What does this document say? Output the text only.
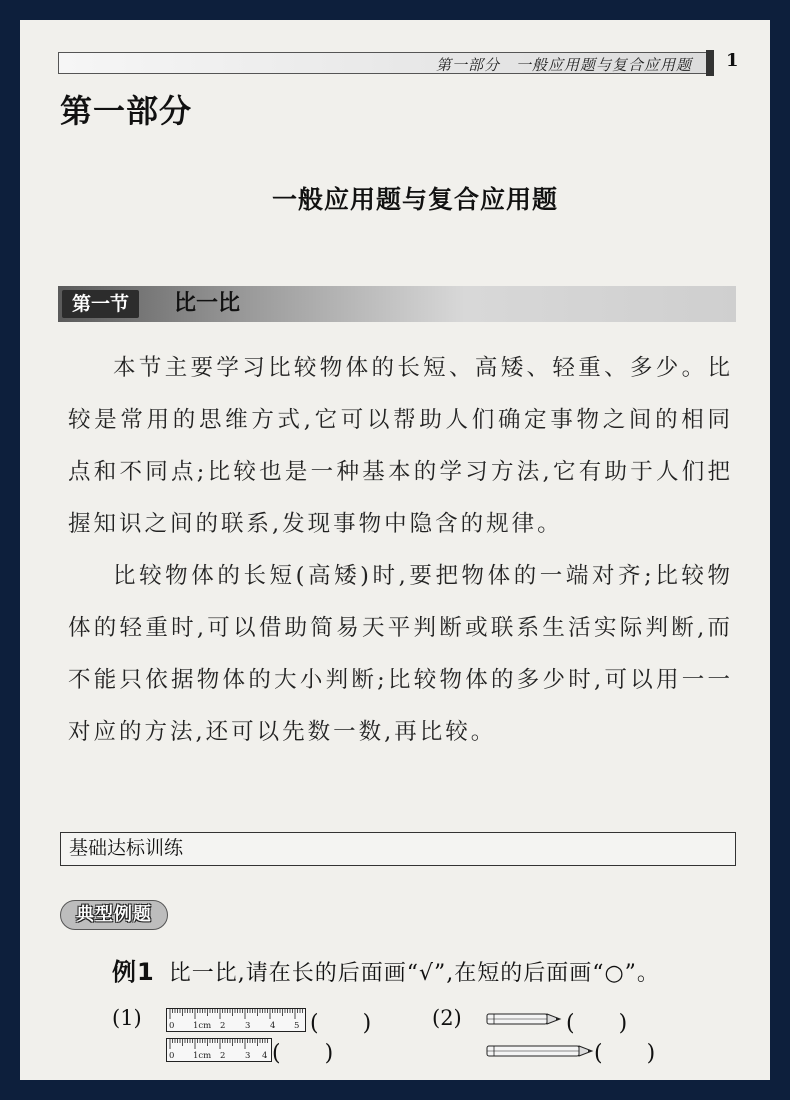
第一部分　一般应用题与复合应用题 1
第一部分
一般应用题与复合应用题
第一节	比一比

本节主要学习比较物体的长短、高矮、轻重、多少。比较是常用的思维方式,它可以帮助人们确定事物之间的相同点和不同点;比较也是一种基本的学习方法,它有助于人们把握知识之间的联系,发现事物中隐含的规律。

比较物体的长短(高矮)时,要把物体的一端对齐;比较物体的轻重时,可以借助简易天平判断或联系生活实际判断,而不能只依据物体的大小判断;比较物体的多少时,可以用一一对应的方法,还可以先数一数,再比较。

基础达标训练
典型例题
例1 比一比,请在长的后面画“√”,在短的后面画“○”。
(1)	0 1cm 2 3 4 5 (　　)
0 1cm 2 3 4 (　　)
(2)	(　　)
(　　)
